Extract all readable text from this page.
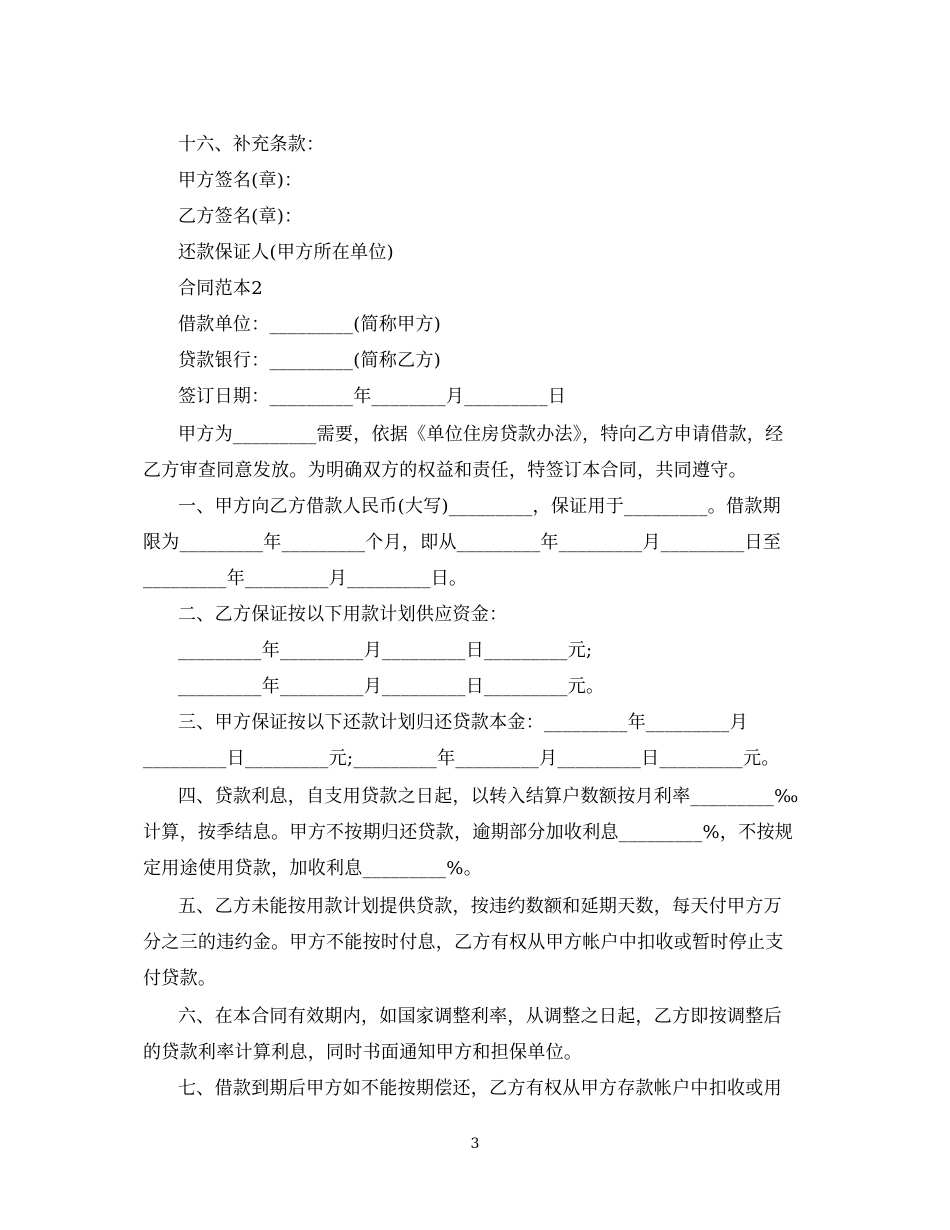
十六、补充条款：
甲方签名(章)：
乙方签名(章)：
还款保证人(甲方所在单位)
合同范本2
借款单位：_________(简称甲方)
贷款银行：_________(简称乙方)
签订日期：_________年________月_________日
甲方为_________需要，依据《单位住房贷款办法》，特向乙方申请借款，经
乙方审查同意发放。为明确双方的权益和责任，特签订本合同，共同遵守。
一、甲方向乙方借款人民币(大写)_________，保证用于_________。借款期
限为_________年_________个月，即从_________年_________月_________日至
_________年_________月_________日。
二、乙方保证按以下用款计划供应资金：
_________年_________月_________日_________元;
_________年_________月_________日_________元。
三、甲方保证按以下还款计划归还贷款本金：_________年_________月
_________日_________元;_________年_________月_________日_________元。
四、贷款利息，自支用贷款之日起，以转入结算户数额按月利率_________‰
计算，按季结息。甲方不按期归还贷款，逾期部分加收利息_________%，不按规
定用途使用贷款，加收利息_________%。
五、乙方未能按用款计划提供贷款，按违约数额和延期天数，每天付甲方万
分之三的违约金。甲方不能按时付息，乙方有权从甲方帐户中扣收或暂时停止支
付贷款。
六、在本合同有效期内，如国家调整利率，从调整之日起，乙方即按调整后
的贷款利率计算利息，同时书面通知甲方和担保单位。
七、借款到期后甲方如不能按期偿还，乙方有权从甲方存款帐户中扣收或用
3
